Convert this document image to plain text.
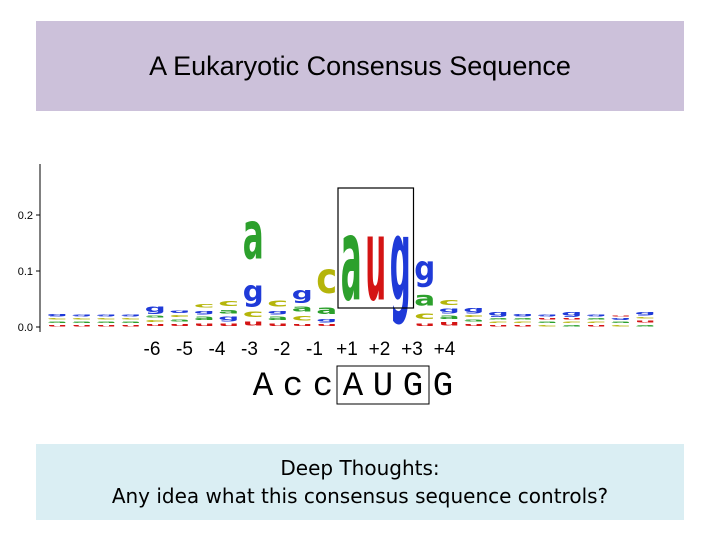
A Eukaryotic Consensus Sequence
0.2
0.1
0.0 u
a
c
g
u
a
c
g
u
a
c
g
u
a
c
g
u
c
a
g
u
a
c
g
u
a
g
c
u
g
a
c
u
c
g
a
u
a
g
c
u
c
a
g
u
g
a
c a u g u
c
a
g
u
a
g
c
u
a
c
g
u
c
a
g
u
c
a
g
c
a
u
g
a
c
u
g
u
c
a
g
c
a
g
u
a
u
c
g
-6 -5 -4 -3 -2 -1 +1 +2 +3 +4
A c c A U G G
Deep Thoughts:
Any idea what this consensus sequence controls?
